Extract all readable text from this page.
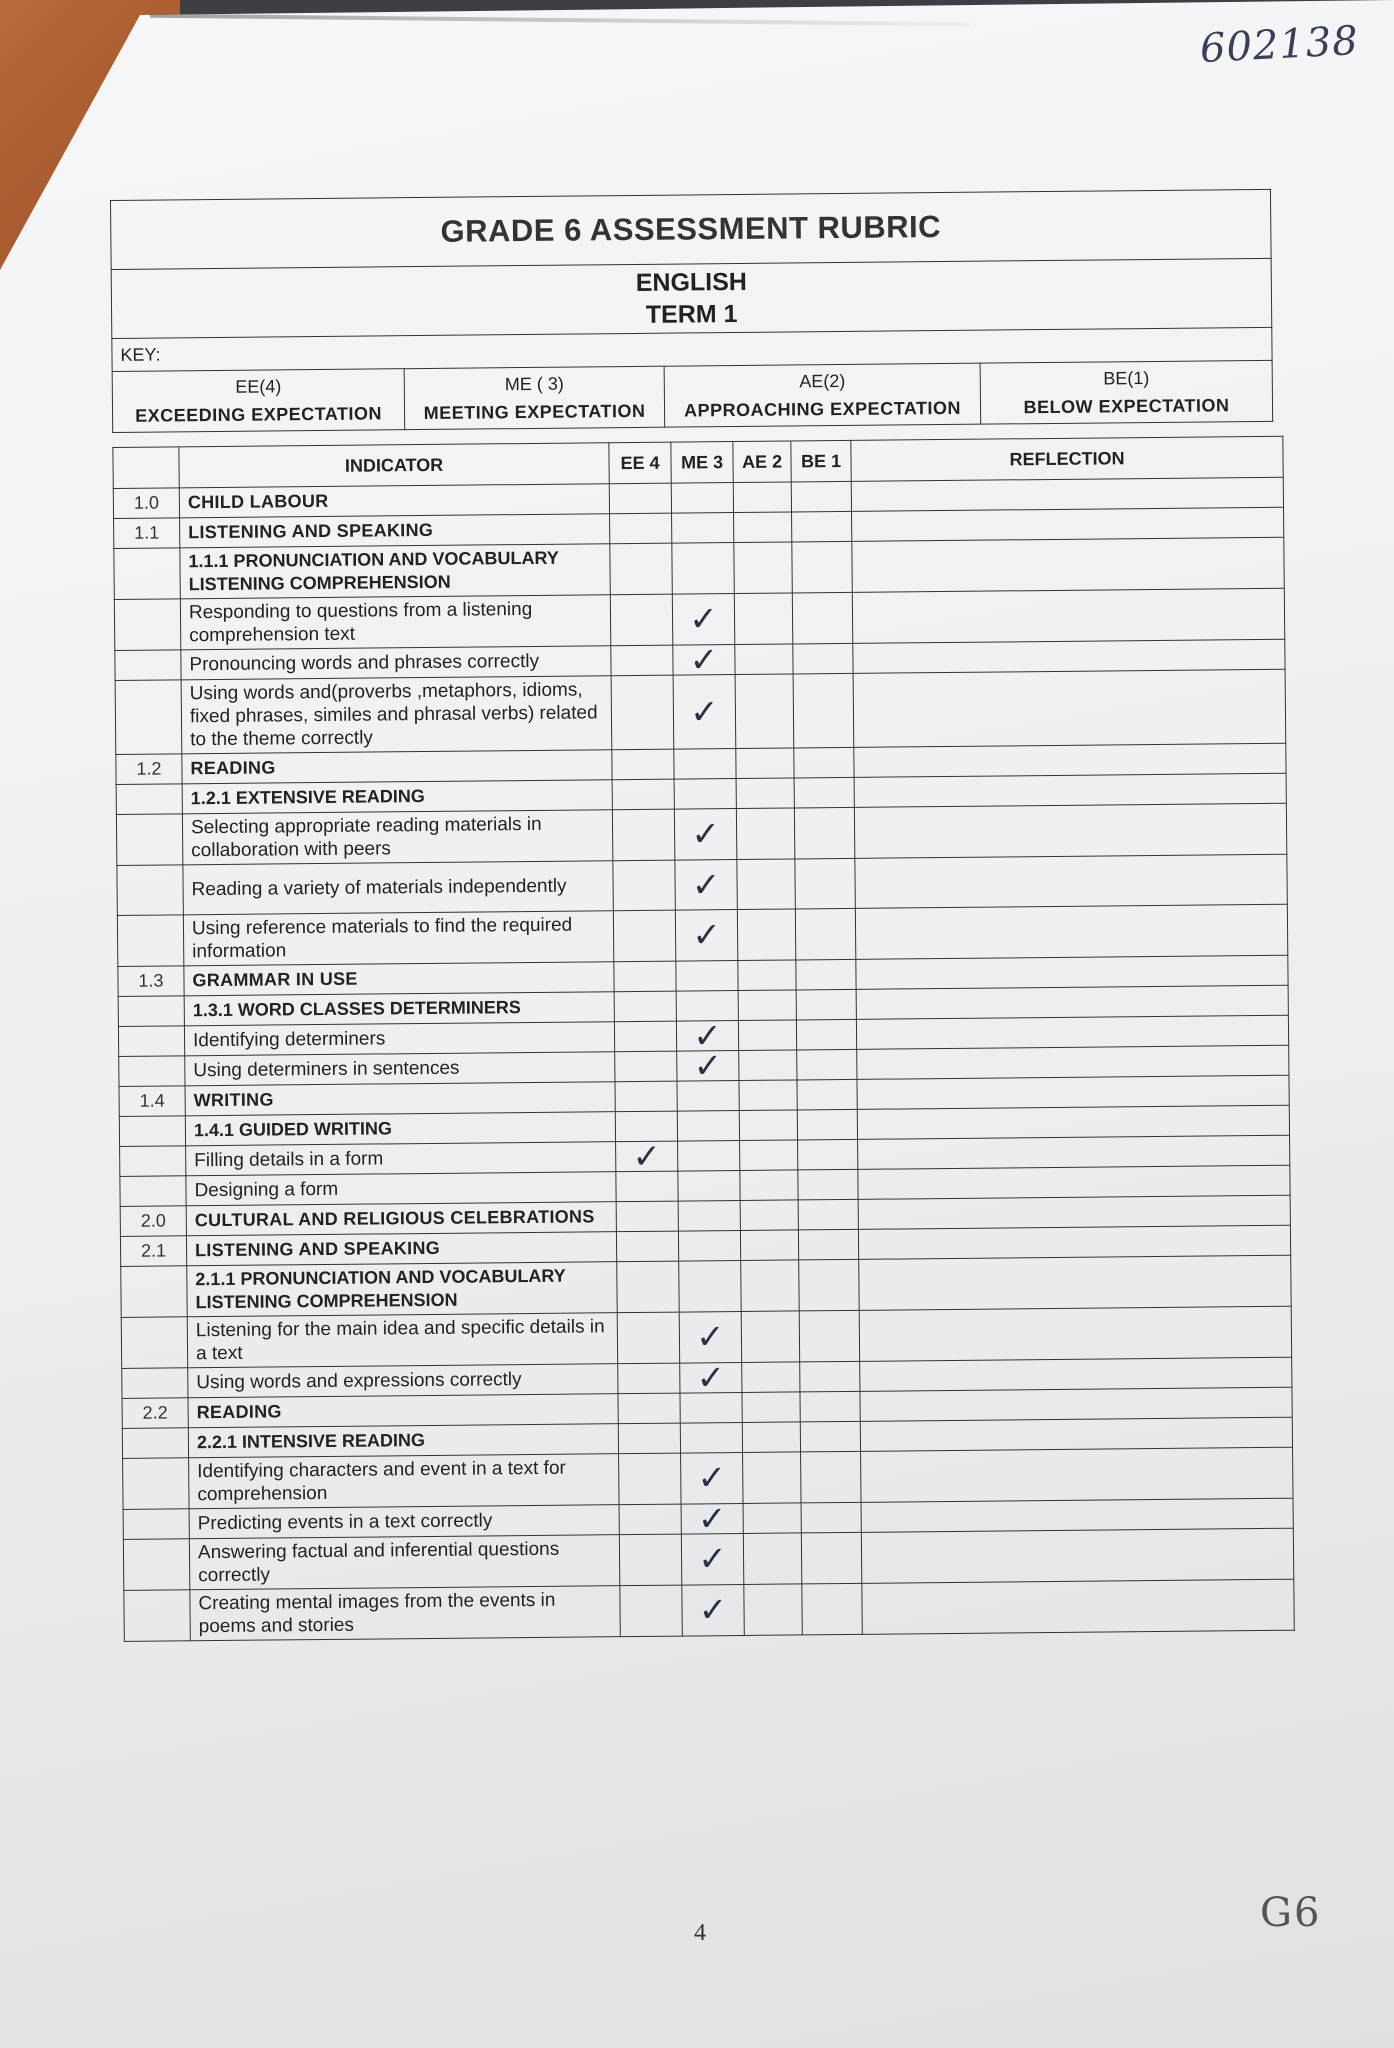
602138
GRADE 6 ASSESSMENT RUBRIC

ENGLISH
TERM 1

KEY:

EE(4)
EXCEEDING EXPECTATION

ME ( 3)
MEETING EXPECTATION

AE(2)
APPROACHING EXPECTATION

BE(1)
BELOW EXPECTATION
	INDICATOR	EE 4	ME 3	AE 2	BE 1	REFLECTION
1.0	CHILD LABOUR					
1.1	LISTENING AND SPEAKING					
	1.1.1 PRONUNCIATION AND VOCABULARY LISTENING COMPREHENSION					
	Responding to questions from a listening comprehension text		✓			
	Pronouncing words and phrases correctly		✓			
	Using words and(proverbs ,metaphors, idioms, fixed phrases, similes and phrasal verbs) related to the theme correctly		✓			
1.2	READING					
	1.2.1 EXTENSIVE READING					
	Selecting appropriate reading materials in collaboration with peers		✓			
	Reading a variety of materials independently		✓			
	Using reference materials to find the required information		✓			
1.3	GRAMMAR IN USE					
	1.3.1 WORD CLASSES DETERMINERS					
	Identifying determiners		✓			
	Using determiners in sentences		✓			
1.4	WRITING					
	1.4.1 GUIDED WRITING					
	Filling details in a form	✓				
	Designing a form					
2.0	CULTURAL AND RELIGIOUS CELEBRATIONS					
2.1	LISTENING AND SPEAKING					
	2.1.1 PRONUNCIATION AND VOCABULARY LISTENING COMPREHENSION					
	Listening for the main idea and specific details in a text		✓			
	Using words and expressions correctly		✓			
2.2	READING					
	2.2.1 INTENSIVE READING					
	Identifying characters and event in a text for comprehension		✓			
	Predicting events in a text correctly		✓			
	Answering factual and inferential questions correctly		✓			
	Creating mental images from the events in poems and stories		✓			
4	G6
